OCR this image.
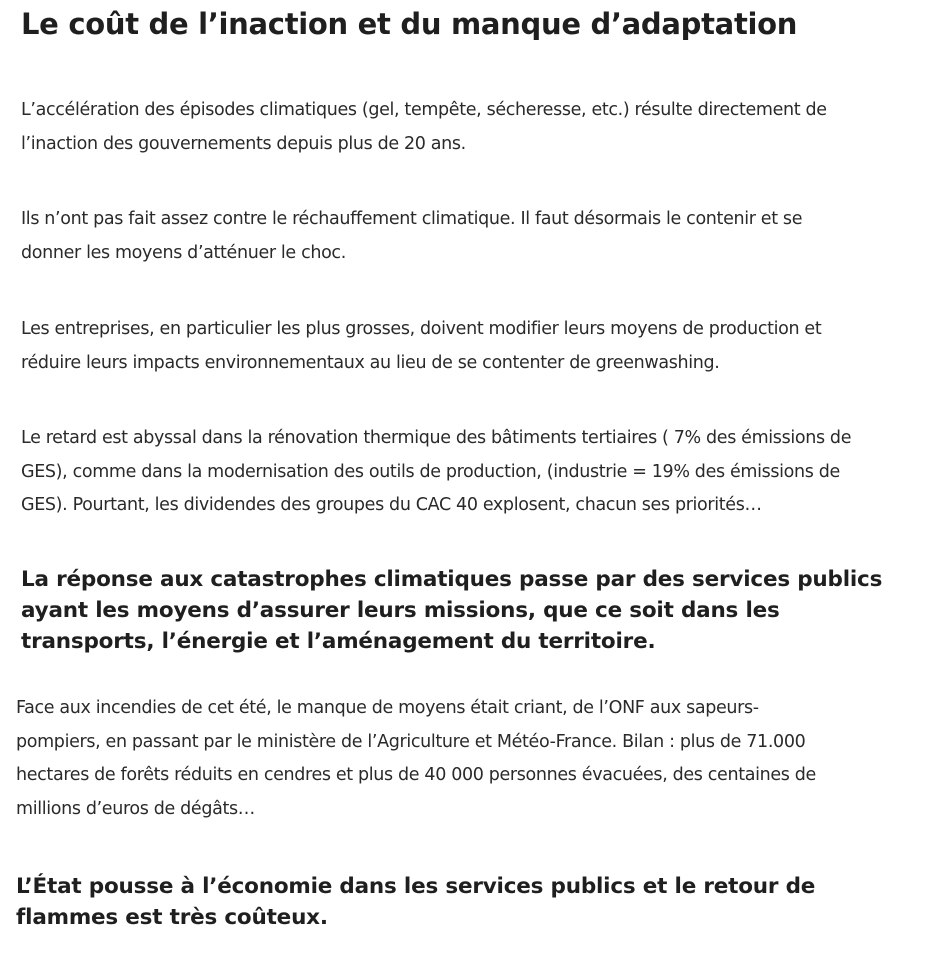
Le coût de l’inaction et du manque d’adaptation

L’accélération des épisodes climatiques (gel, tempête, sécheresse, etc.) résulte directement de
l’inaction des gouvernements depuis plus de 20 ans.

Ils n’ont pas fait assez contre le réchauffement climatique. Il faut désormais le contenir et se
donner les moyens d’atténuer le choc.

Les entreprises, en particulier les plus grosses, doivent modifier leurs moyens de production et
réduire leurs impacts environnementaux au lieu de se contenter de greenwashing.

Le retard est abyssal dans la rénovation thermique des bâtiments tertiaires ( 7% des émissions de
GES), comme dans la modernisation des outils de production, (industrie = 19% des émissions de
GES). Pourtant, les dividendes des groupes du CAC 40 explosent, chacun ses priorités…

La réponse aux catastrophes climatiques passe par des services publics
ayant les moyens d’assurer leurs missions, que ce soit dans les
transports, l’énergie et l’aménagement du territoire.

Face aux incendies de cet été, le manque de moyens était criant, de l’ONF aux sapeurs-
pompiers, en passant par le ministère de l’Agriculture et Météo-France. Bilan : plus de 71.000
hectares de forêts réduits en cendres et plus de 40 000 personnes évacuées, des centaines de
millions d’euros de dégâts…

L’État pousse à l’économie dans les services publics et le retour de
flammes est très coûteux.
